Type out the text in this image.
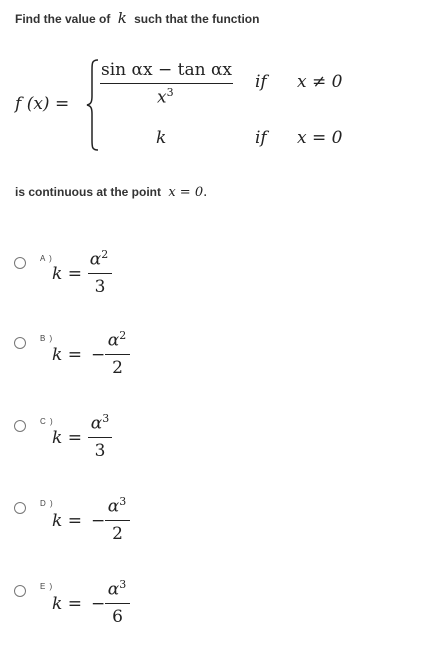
Find the value of k such that the function
f (x) =
sin αx − tan αx
$x^3$
if x ≠ 0
k	if x = 0
is continuous at the point x = 0.
A )
k =
$\alpha^2$
3
B )
k = −
$\alpha^2$
2
C )
k =
$\alpha^3$
3
D )
k = −
$\alpha^3$
2
E )
k = −
$\alpha^3$
6
